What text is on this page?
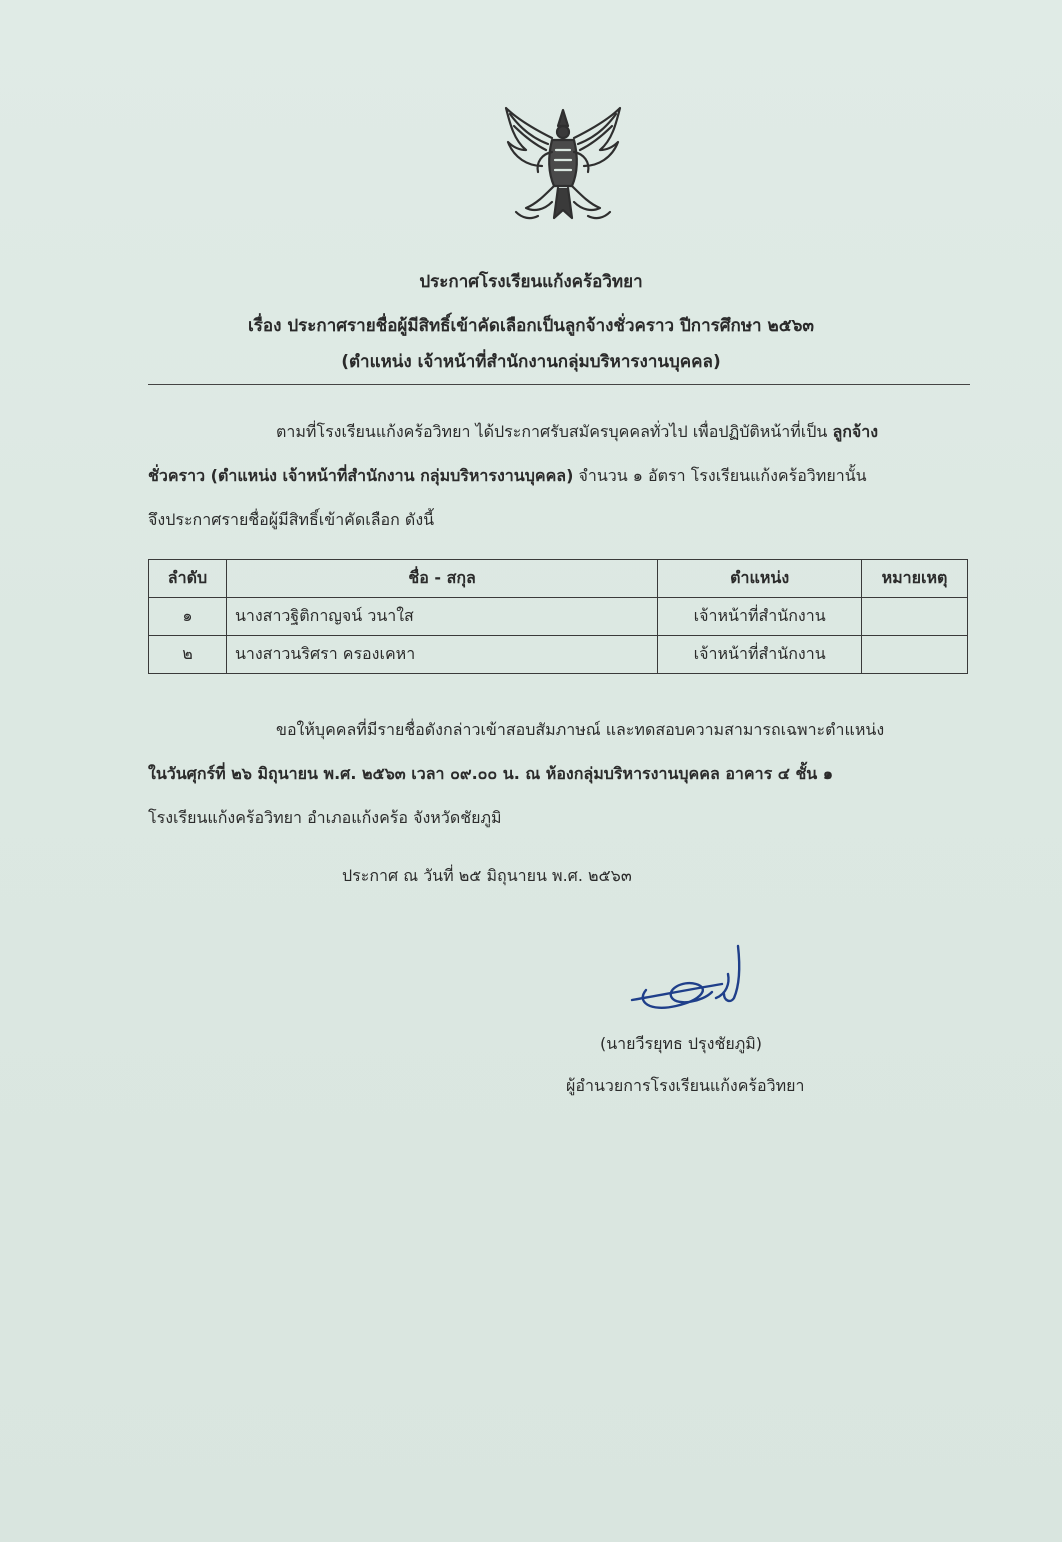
ประกาศโรงเรียนแก้งคร้อวิทยา
เรื่อง ประกาศรายชื่อผู้มีสิทธิ์เข้าคัดเลือกเป็นลูกจ้างชั่วคราว ปีการศึกษา ๒๕๖๓
(ตำแหน่ง เจ้าหน้าที่สำนักงานกลุ่มบริหารงานบุคคล)
ตามที่โรงเรียนแก้งคร้อวิทยา ได้ประกาศรับสมัครบุคคลทั่วไป เพื่อปฏิบัติหน้าที่เป็น ลูกจ้าง
ชั่วคราว (ตำแหน่ง เจ้าหน้าที่สำนักงาน กลุ่มบริหารงานบุคคล) จำนวน ๑ อัตรา โรงเรียนแก้งคร้อวิทยานั้น
จึงประกาศรายชื่อผู้มีสิทธิ์เข้าคัดเลือก ดังนี้
ลำดับ	ชื่อ - สกุล	ตำแหน่ง	หมายเหตุ
๑	นางสาวฐิติกาญจน์ วนาใส	เจ้าหน้าที่สำนักงาน	
๒	นางสาวนริศรา ครองเคหา	เจ้าหน้าที่สำนักงาน	
ขอให้บุคคลที่มีรายชื่อดังกล่าวเข้าสอบสัมภาษณ์ และทดสอบความสามารถเฉพาะตำแหน่ง
ในวันศุกร์ที่ ๒๖ มิถุนายน พ.ศ. ๒๕๖๓ เวลา ๐๙.๐๐ น. ณ ห้องกลุ่มบริหารงานบุคคล อาคาร ๔ ชั้น ๑
โรงเรียนแก้งคร้อวิทยา อำเภอแก้งคร้อ จังหวัดชัยภูมิ
ประกาศ ณ วันที่ ๒๕ มิถุนายน พ.ศ. ๒๕๖๓
(นายวีรยุทธ ปรุงชัยภูมิ)
ผู้อำนวยการโรงเรียนแก้งคร้อวิทยา
